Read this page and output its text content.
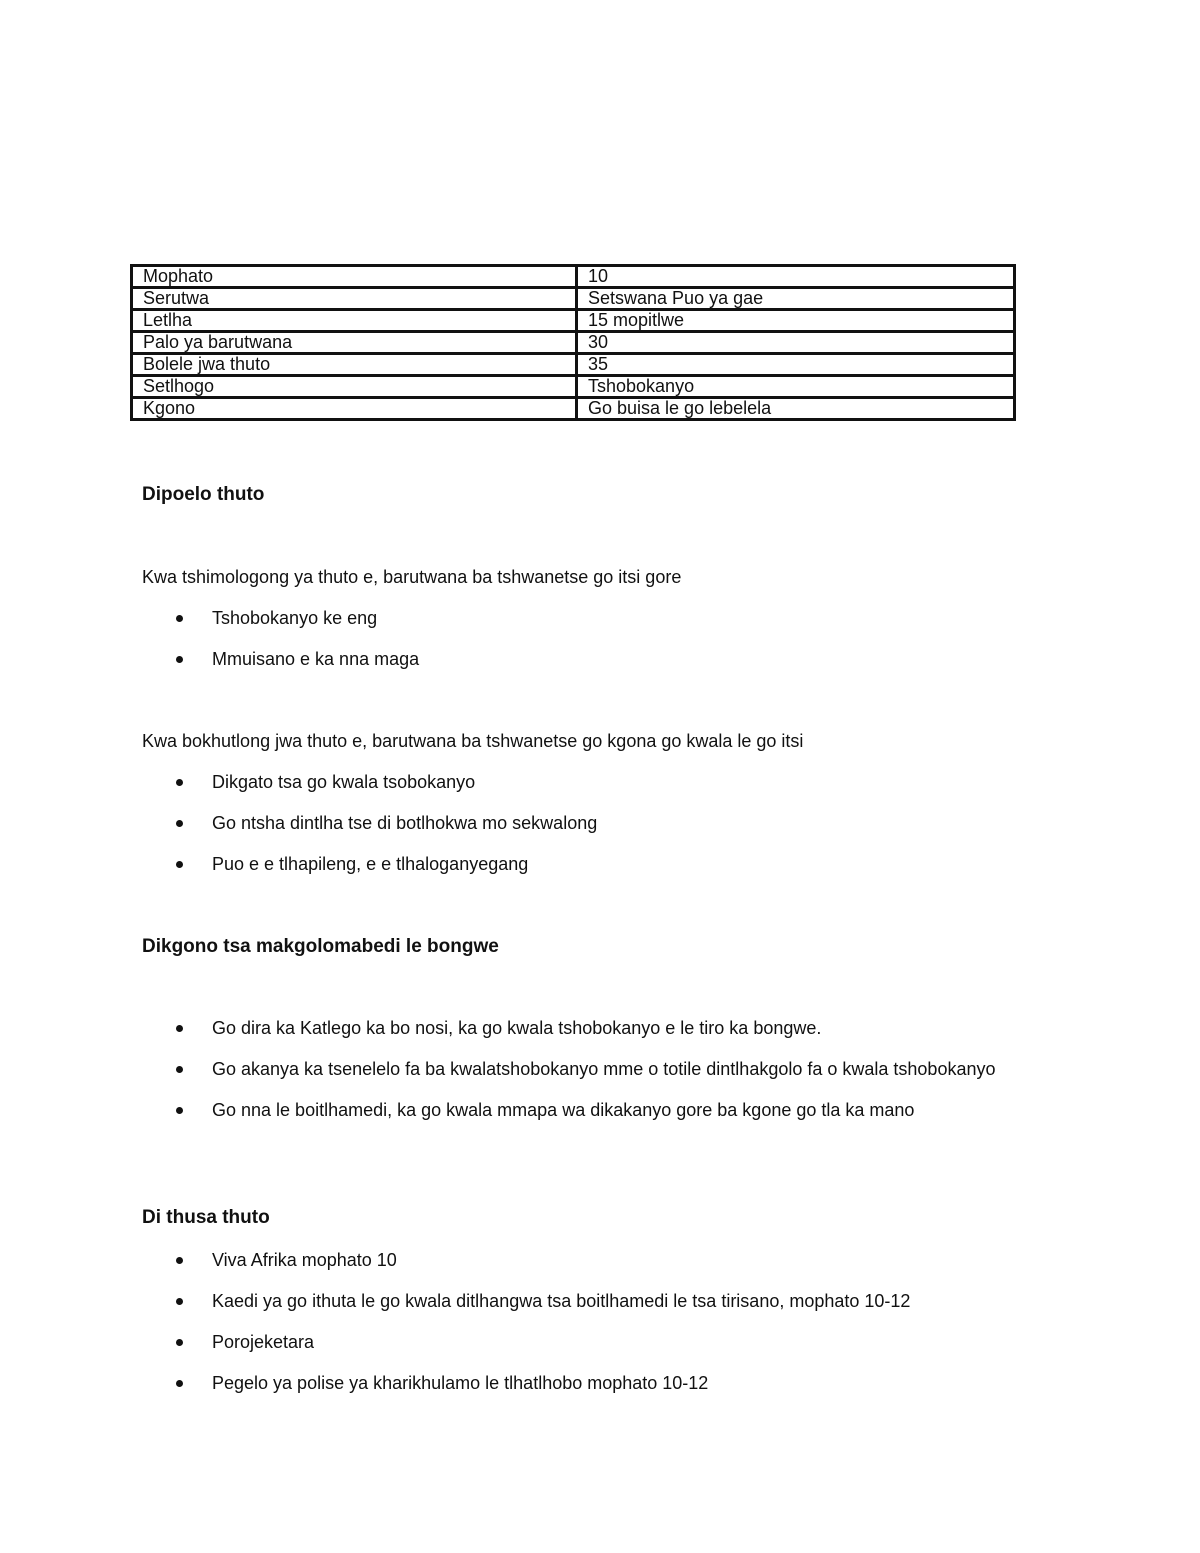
Mophato	10
Serutwa	Setswana Puo ya gae
Letlha	15 mopitlwe
Palo ya barutwana	30
Bolele jwa thuto	35
Setlhogo	Tshobokanyo
Kgono	Go buisa le go lebelela
Dipoelo thuto

Kwa tshimologong ya thuto e, barutwana ba tshwanetse go itsi gore

Tshobokanyo ke eng
Mmuisano e ka nna maga

Kwa bokhutlong jwa thuto e, barutwana ba tshwanetse go kgona go kwala le go itsi

Dikgato tsa go kwala tsobokanyo
Go ntsha dintlha tse di botlhokwa mo sekwalong
Puo e e tlhapileng, e e tlhaloganyegang
Dikgono tsa makgolomabedi le bongwe
Go dira ka Katlego ka bo nosi, ka go kwala tshobokanyo e le tiro ka bongwe.
Go akanya ka tsenelelo fa ba kwalatshobokanyo mme o totile dintlhakgolo fa o kwala tshobokanyo
Go nna le boitlhamedi, ka go kwala mmapa wa dikakanyo gore ba kgone go tla ka mano
Di thusa thuto
Viva Afrika mophato 10
Kaedi ya go ithuta le go kwala ditlhangwa tsa boitlhamedi le tsa tirisano, mophato 10-12
Porojeketara
Pegelo ya polise ya kharikhulamo le tlhatlhobo mophato 10-12
